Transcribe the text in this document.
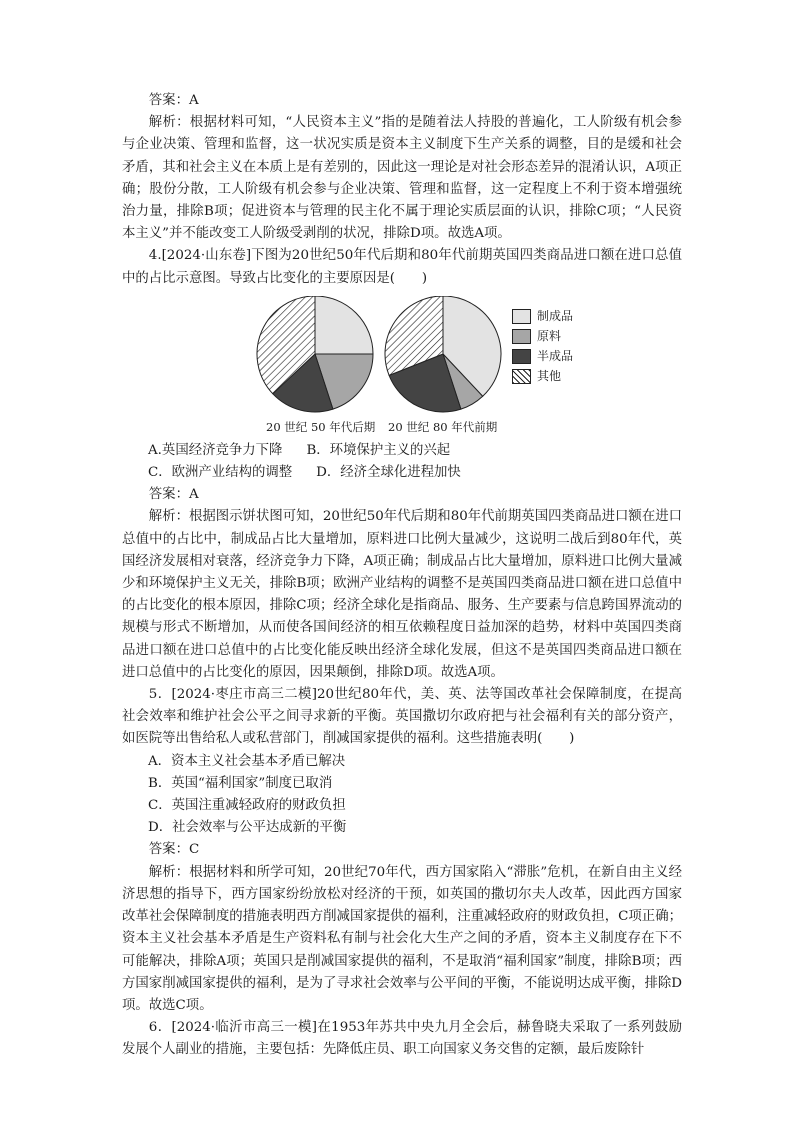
答案：A

解析：根据材料可知，“人民资本主义”指的是随着法人持股的普遍化，工人阶级有机会参与企业决策、管理和监督，这一状况实质是资本主义制度下生产关系的调整，目的是缓和社会矛盾，其和社会主义在本质上是有差别的，因此这一理论是对社会形态差异的混淆认识，A项正确；股份分散，工人阶级有机会参与企业决策、管理和监督，这一定程度上不利于资本增强统治力量，排除B项；促进资本与管理的民主化不属于理论实质层面的认识，排除C项；“人民资本主义”并不能改变工人阶级受剥削的状况，排除D项。故选A项。

4.[2024·山东卷]下图为20世纪50年代后期和80年代前期英国四类商品进口额在进口总值中的占比示意图。导致占比变化的主要原因是(　　)

20 世纪 50 年代后期 20 世纪 80 年代前期
制成品
原料
半成品
其他
A.英国经济竞争力下降 B．环境保护主义的兴起
C．欧洲产业结构的调整 D．经济全球化进程加快

答案：A

解析：根据图示饼状图可知，20世纪50年代后期和80年代前期英国四类商品进口额在进口总值中的占比中，制成品占比大量增加，原料进口比例大量减少，这说明二战后到80年代，英国经济发展相对衰落，经济竞争力下降，A项正确；制成品占比大量增加，原料进口比例大量减少和环境保护主义无关，排除B项；欧洲产业结构的调整不是英国四类商品进口额在进口总值中的占比变化的根本原因，排除C项；经济全球化是指商品、服务、生产要素与信息跨国界流动的规模与形式不断增加，从而使各国间经济的相互依赖程度日益加深的趋势，材料中英国四类商品进口额在进口总值中的占比变化能反映出经济全球化发展，但这不是英国四类商品进口额在进口总值中的占比变化的原因，因果颠倒，排除D项。故选A项。

5．[2024·枣庄市高三二模]20世纪80年代，美、英、法等国改革社会保障制度，在提高社会效率和维护社会公平之间寻求新的平衡。英国撒切尔政府把与社会福利有关的部分资产，如医院等出售给私人或私营部门，削减国家提供的福利。这些措施表明(　　)

A．资本主义社会基本矛盾已解决

B．英国“福利国家”制度已取消

C．英国注重减轻政府的财政负担

D．社会效率与公平达成新的平衡

答案：C

解析：根据材料和所学可知，20世纪70年代，西方国家陷入“滞胀”危机，在新自由主义经济思想的指导下，西方国家纷纷放松对经济的干预，如英国的撒切尔夫人改革，因此西方国家改革社会保障制度的措施表明西方削减国家提供的福利，注重减轻政府的财政负担，C项正确；资本主义社会基本矛盾是生产资料私有制与社会化大生产之间的矛盾，资本主义制度存在下不可能解决，排除A项；英国只是削减国家提供的福利，不是取消“福利国家”制度，排除B项；西方国家削减国家提供的福利，是为了寻求社会效率与公平间的平衡，不能说明达成平衡，排除D项。故选C项。

6．[2024·临沂市高三一模]在1953年苏共中央九月全会后，赫鲁晓夫采取了一系列鼓励发展个人副业的措施，主要包括：先降低庄员、职工向国家义务交售的定额，最后废除针
